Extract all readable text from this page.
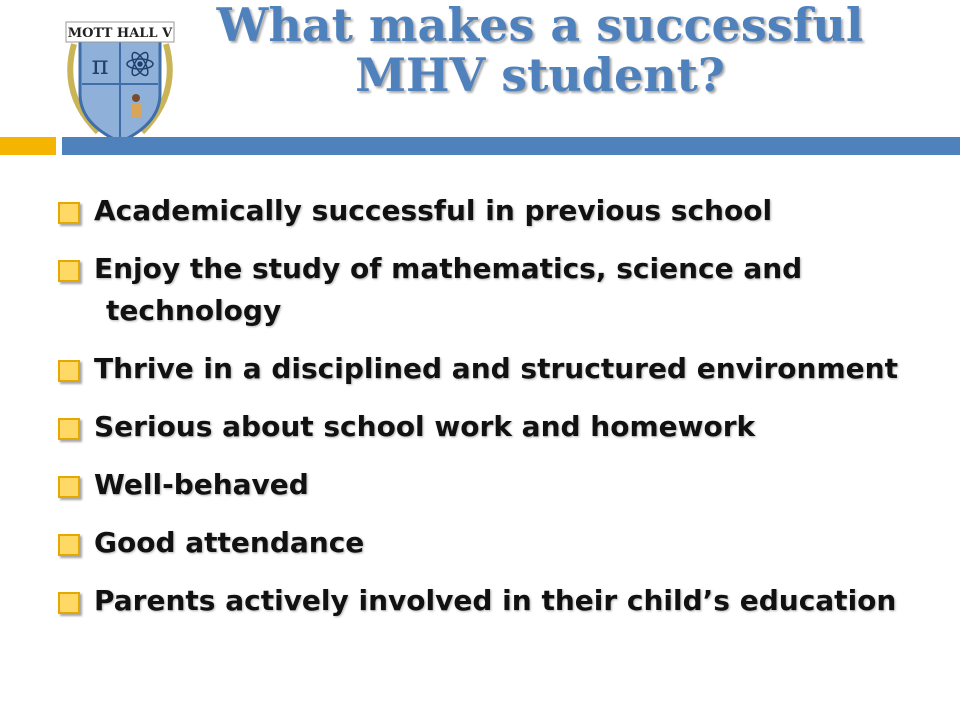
MOTT HALL V
π
What makes a successful
MHV student?
Academically successful in previous school
Enjoy the study of mathematics, science and technology
Thrive in a disciplined and structured environment
Serious about school work and homework
Well-behaved
Good attendance
Parents actively involved in their child’s education
